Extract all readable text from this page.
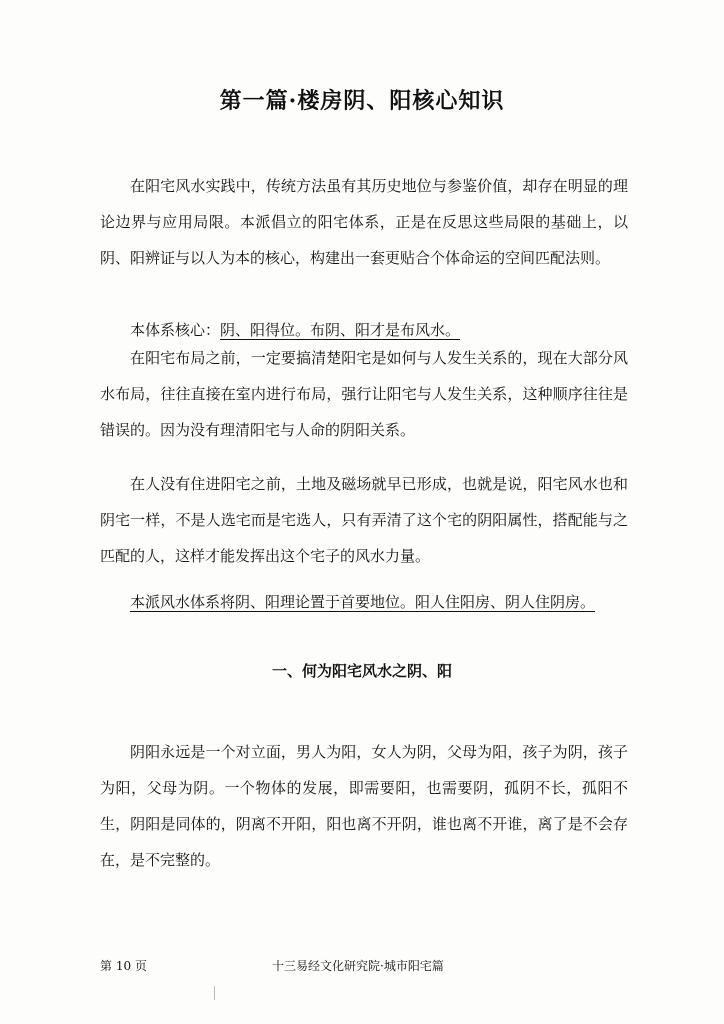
第一篇·楼房阴、阳核心知识

在阳宅风水实践中，传统方法虽有其历史地位与参鉴价值，却存在明显的理论边界与应用局限。本派倡立的阳宅体系，正是在反思这些局限的基础上，以阴、阳辨证与以人为本的核心，构建出一套更贴合个体命运的空间匹配法则。

本体系核心：阴、阳得位。布阴、阳才是布风水。

在阳宅布局之前，一定要搞清楚阳宅是如何与人发生关系的，现在大部分风水布局，往往直接在室内进行布局，强行让阳宅与人发生关系，这种顺序往往是错误的。因为没有理清阳宅与人命的阴阳关系。

在人没有住进阳宅之前，土地及磁场就早已形成，也就是说，阳宅风水也和阴宅一样，不是人选宅而是宅选人，只有弄清了这个宅的阴阳属性，搭配能与之匹配的人，这样才能发挥出这个宅子的风水力量。

本派风水体系将阴、阳理论置于首要地位。阳人住阳房、阴人住阴房。

一、何为阳宅风水之阴、阳

阴阳永远是一个对立面，男人为阳，女人为阴，父母为阳，孩子为阴，孩子为阳，父母为阴。一个物体的发展，即需要阳，也需要阴，孤阴不长，孤阳不生，阴阳是同体的，阴离不开阳，阳也离不开阴，谁也离不开谁，离了是不会存在，是不完整的。

第 10 页	十三易经文化研究院·城市阳宅篇
